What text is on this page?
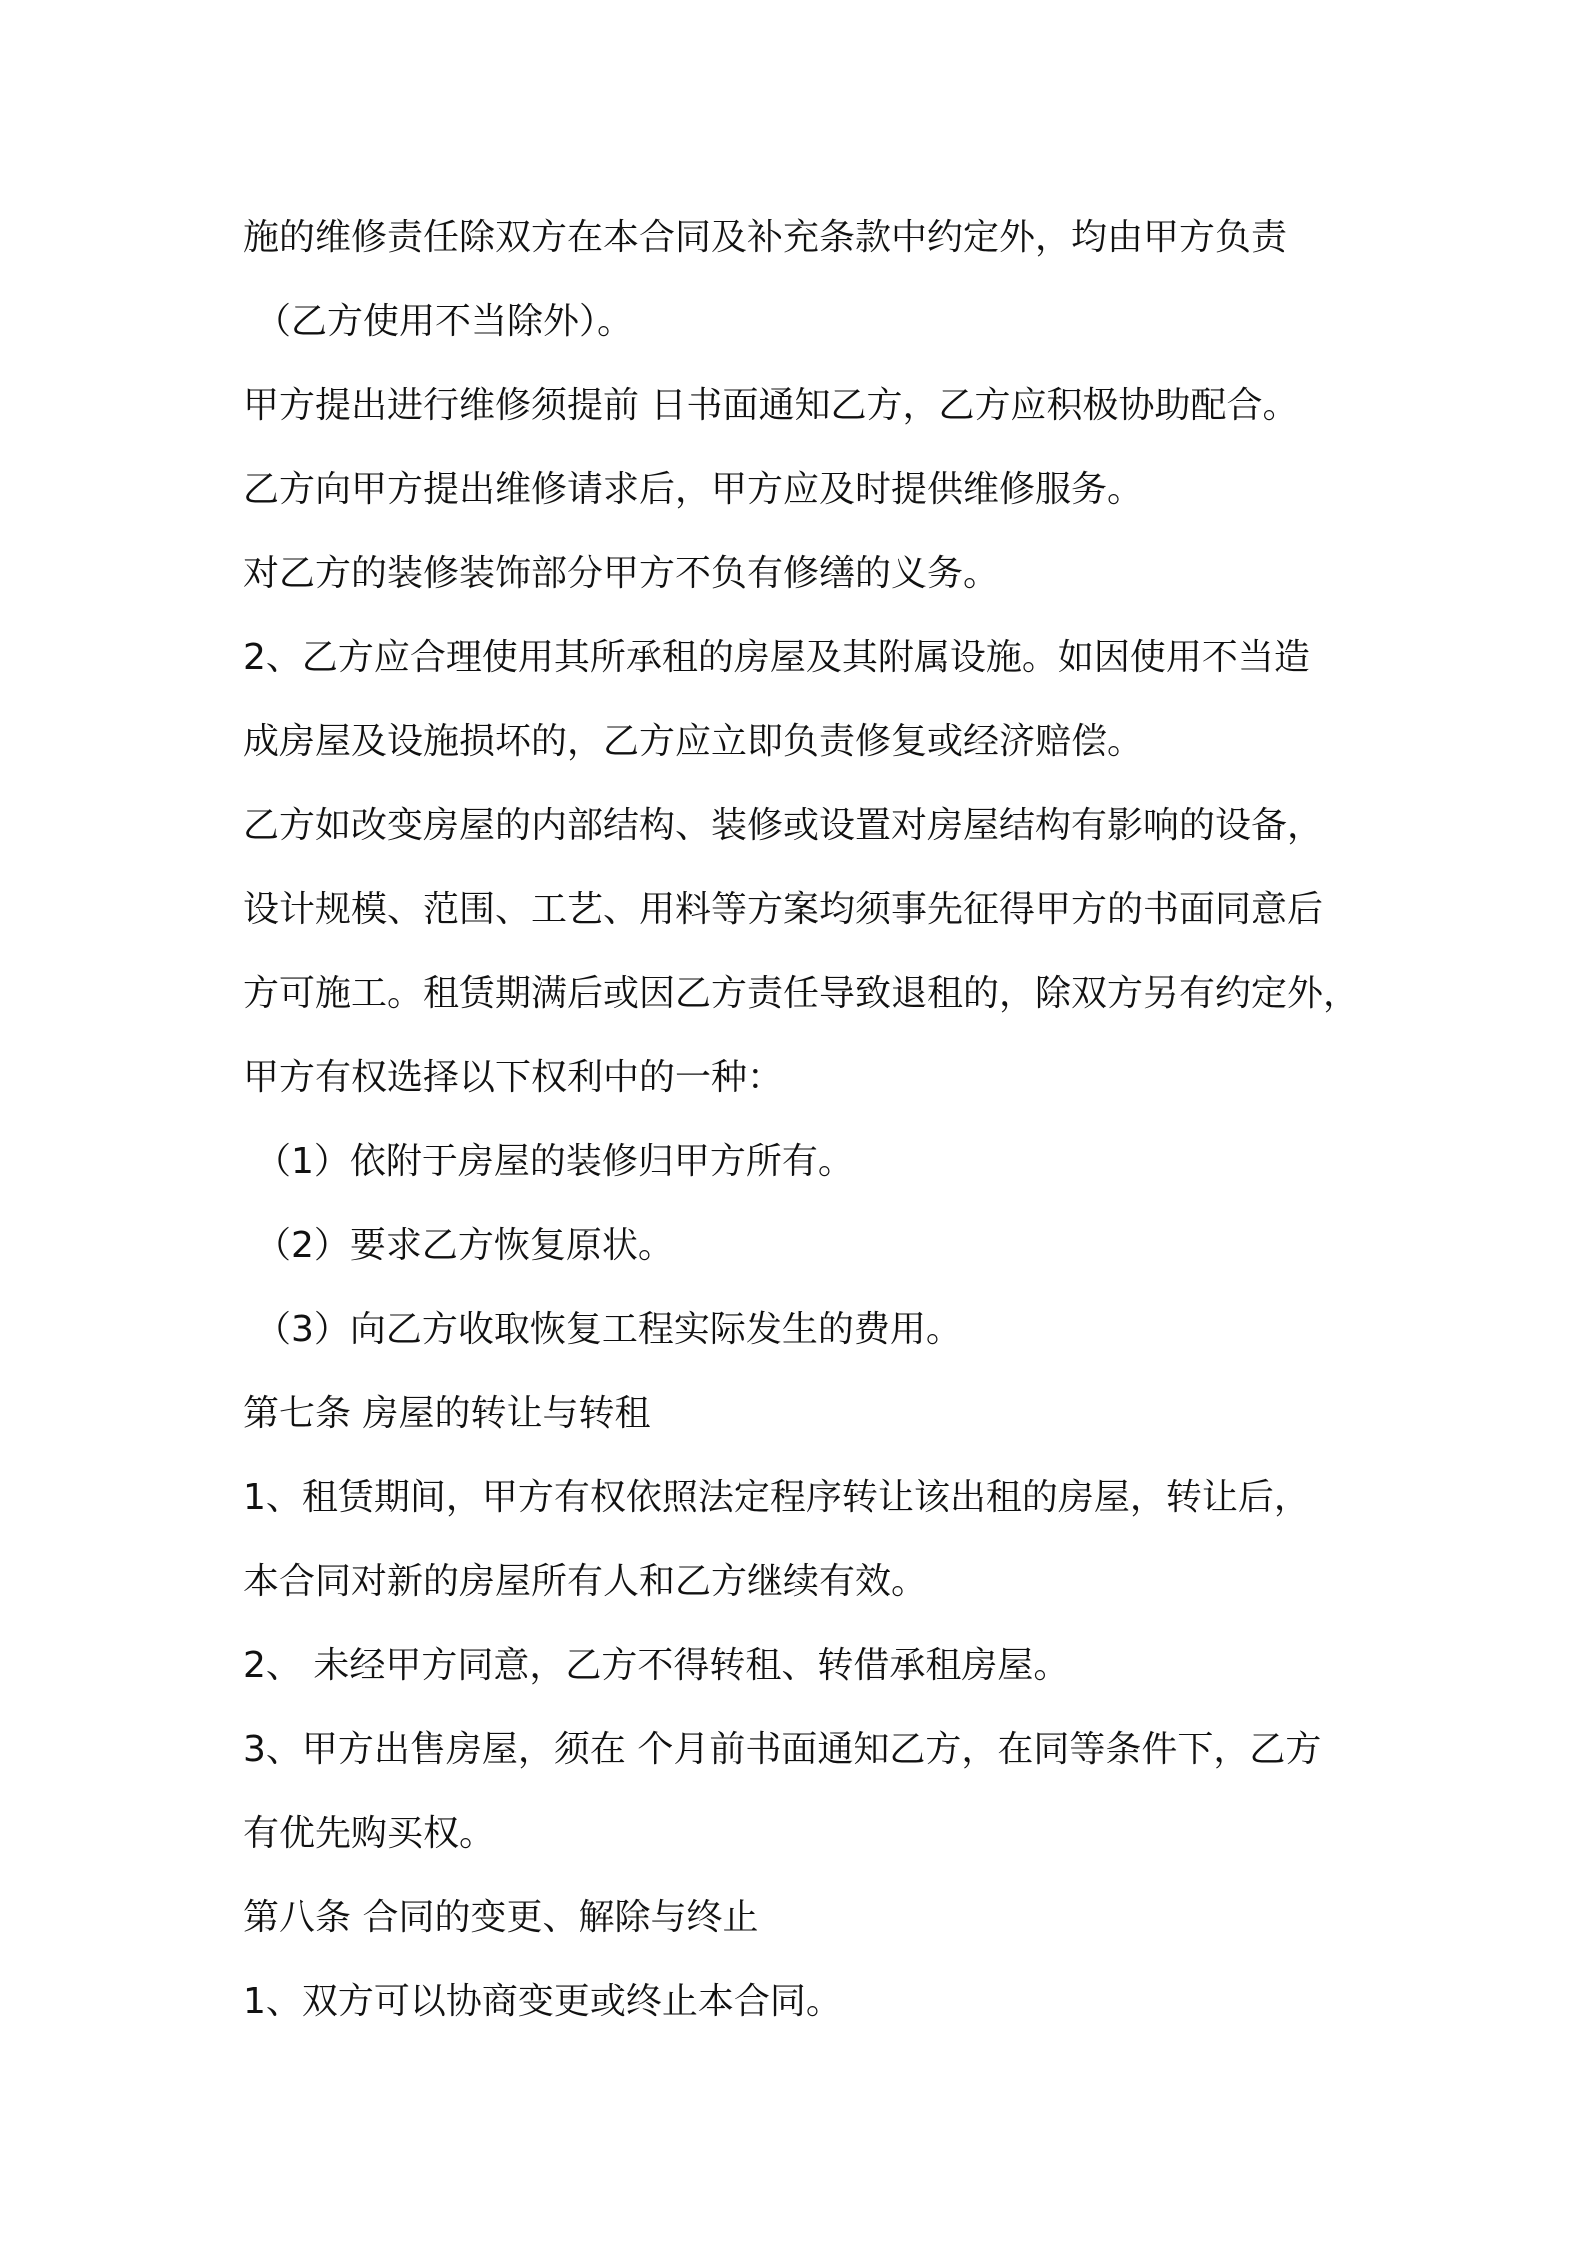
施的维修责任除双方在本合同及补充条款中约定外，均由甲方负责
（乙方使用不当除外）。
甲方提出进行维修须提前 日书面通知乙方，乙方应积极协助配合。
乙方向甲方提出维修请求后，甲方应及时提供维修服务。
对乙方的装修装饰部分甲方不负有修缮的义务。
2、乙方应合理使用其所承租的房屋及其附属设施。如因使用不当造
成房屋及设施损坏的，乙方应立即负责修复或经济赔偿。
乙方如改变房屋的内部结构、装修或设置对房屋结构有影响的设备，
设计规模、范围、工艺、用料等方案均须事先征得甲方的书面同意后
方可施工。租赁期满后或因乙方责任导致退租的，除双方另有约定外，
甲方有权选择以下权利中的一种：
（1）依附于房屋的装修归甲方所有。
（2）要求乙方恢复原状。
（3）向乙方收取恢复工程实际发生的费用。
第七条 房屋的转让与转租
1、租赁期间，甲方有权依照法定程序转让该出租的房屋，转让后，
本合同对新的房屋所有人和乙方继续有效。
2、 未经甲方同意，乙方不得转租、转借承租房屋。
3、甲方出售房屋，须在 个月前书面通知乙方，在同等条件下，乙方
有优先购买权。
第八条 合同的变更、解除与终止
1、双方可以协商变更或终止本合同。
